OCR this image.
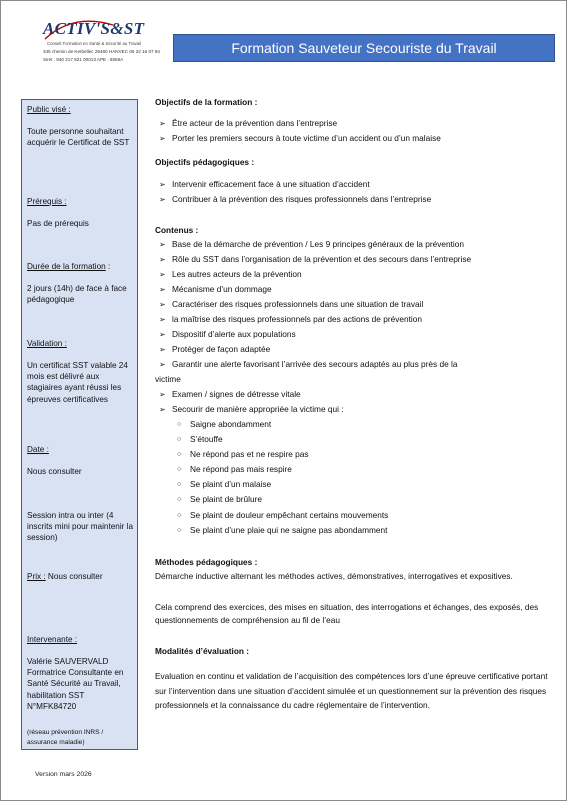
ACTIV'S&ST
Conseil Formation en Santé & Sécurité au Travail
345 chemin de Kerbellec 29480 HANVEC 06 22 16 07 94
Siret : 940 217 821 00013 APE : 8559A
Formation Sauveteur Secouriste du Travail
Public visé :
Toute personne souhaitant acquérir le Certificat de SST
Prérequis :
Pas de prérequis
Durée de la formation :
2 jours (14h) de face à face pédagogique
Validation :
Un certificat SST valable 24 mois est délivré aux stagiaires ayant réussi les épreuves certificatives
Date :
Nous consulter
Session intra ou inter (4 inscrits mini pour maintenir la session)
Prix : Nous consulter
Intervenante :
Valérie SAUVERVALD Formatrice Consultante en Santé Sécurité au Travail, habilitation SST N°MFK84720
(réseau prévention INRS / assurance maladie)
Objectifs de la formation :
➢ Être acteur de la prévention dans l’entreprise
➢ Porter les premiers secours à toute victime d’un accident ou d’un malaise
Objectifs pédagogiques :
➢ Intervenir efficacement face à une situation d’accident
➢ Contribuer à la prévention des risques professionnels dans l’entreprise
Contenus :
➢ Base de la démarche de prévention / Les 9 principes généraux de la prévention
➢ Rôle du SST dans l’organisation de la prévention et des secours dans l’entreprise
➢ Les autres acteurs de la prévention
➢ Mécanisme d’un dommage
➢ Caractériser des risques professionnels dans une situation de travail
➢ la maîtrise des risques professionnels par des actions de prévention
➢ Dispositif d’alerte aux populations
➢ Protéger de façon adaptée
➢ Garantir une alerte favorisant l’arrivée des secours adaptés au plus près de la
victime
➢ Examen / signes de détresse vitale
➢ Secourir de manière appropriée la victime qui :
○ Saigne abondamment
○ S’étouffe
○ Ne répond pas et ne respire pas
○ Ne répond pas mais respire
○ Se plaint d’un malaise
○ Se plaint de brûlure
○ Se plaint de douleur empêchant certains mouvements
○ Se plaint d’une plaie qui ne saigne pas abondamment
Méthodes pédagogiques :
Démarche inductive alternant les méthodes actives, démonstratives, interrogatives et expositives.
Cela comprend des exercices, des mises en situation, des interrogations et échanges, des exposés, des questionnements de compréhension au fil de l’eau
Modalités d’évaluation :
Evaluation en continu et validation de l’acquisition des compétences lors d’une épreuve certificative portant sur l’intervention dans une situation d’accident simulée et un questionnement sur la prévention des risques professionnels et la connaissance du cadre réglementaire de l’intervention.
Version mars 2026
